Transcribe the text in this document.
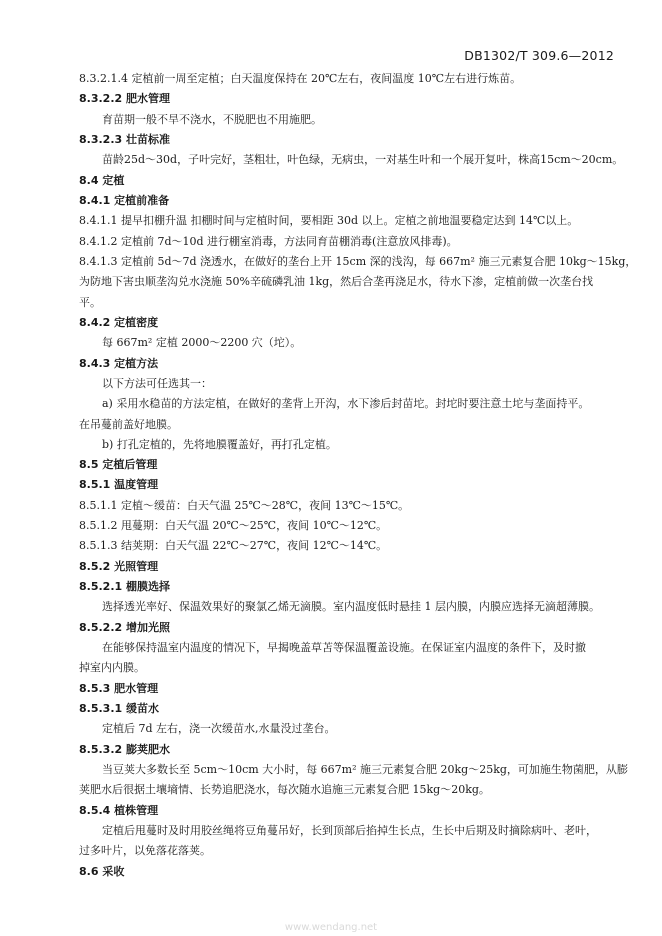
DB1302/T 309.6—2012
8.3.2.1.4 定植前一周至定植；白天温度保持在 20℃左右，夜间温度 10℃左右进行炼苗。
8.3.2.2 肥水管理
育苗期一般不旱不浇水，不脱肥也不用施肥。
8.3.2.3 壮苗标准
苗龄25d～30d，子叶完好，茎粗壮，叶色绿，无病虫，一对基生叶和一个展开复叶，株高15cm～20cm。
8.4 定植
8.4.1 定植前准备
8.4.1.1 提早扣棚升温 扣棚时间与定植时间，要相距 30d 以上。定植之前地温要稳定达到 14℃以上。
8.4.1.2 定植前 7d～10d 进行棚室消毒，方法同育苗棚消毒(注意放风排毒)。
8.4.1.3 定植前 5d～7d 浇透水，在做好的垄台上开 15cm 深的浅沟，每 667m² 施三元素复合肥 10kg～15kg，
为防地下害虫顺垄沟兑水浇施 50%辛硫磷乳油 1kg，然后合垄再浇足水，待水下渗，定植前做一次垄台找
平。
8.4.2 定植密度
每 667m² 定植 2000～2200 穴（坨）。
8.4.3 定植方法
以下方法可任选其一：
a) 采用水稳苗的方法定植，在做好的垄背上开沟，水下渗后封苗坨。封坨时要注意土坨与垄面持平。
在吊蔓前盖好地膜。
b) 打孔定植的，先将地膜覆盖好，再打孔定植。
8.5 定植后管理
8.5.1 温度管理
8.5.1.1 定植～缓苗：白天气温 25℃～28℃，夜间 13℃～15℃。
8.5.1.2 甩蔓期：白天气温 20℃～25℃，夜间 10℃～12℃。
8.5.1.3 结荚期：白天气温 22℃～27℃，夜间 12℃～14℃。
8.5.2 光照管理
8.5.2.1 棚膜选择
选择透光率好、保温效果好的聚氯乙烯无滴膜。室内温度低时悬挂 1 层内膜，内膜应选择无滴超薄膜。
8.5.2.2 增加光照
在能够保持温室内温度的情况下，早揭晚盖草苫等保温覆盖设施。在保证室内温度的条件下，及时撤
掉室内内膜。
8.5.3 肥水管理
8.5.3.1 缓苗水
定植后 7d 左右，浇一次缓苗水,水量没过垄台。
8.5.3.2 膨荚肥水
当豆荚大多数长至 5cm～10cm 大小时，每 667m² 施三元素复合肥 20kg～25kg，可加施生物菌肥，从膨
荚肥水后很据土壤墒情、长势追肥浇水，每次随水追施三元素复合肥 15kg～20kg。
8.5.4 植株管理
定植后甩蔓时及时用胶丝绳将豆角蔓吊好，长到顶部后掐掉生长点，生长中后期及时摘除病叶、老叶，
过多叶片，以免落花落荚。
8.6 采收
www.wendang.net
